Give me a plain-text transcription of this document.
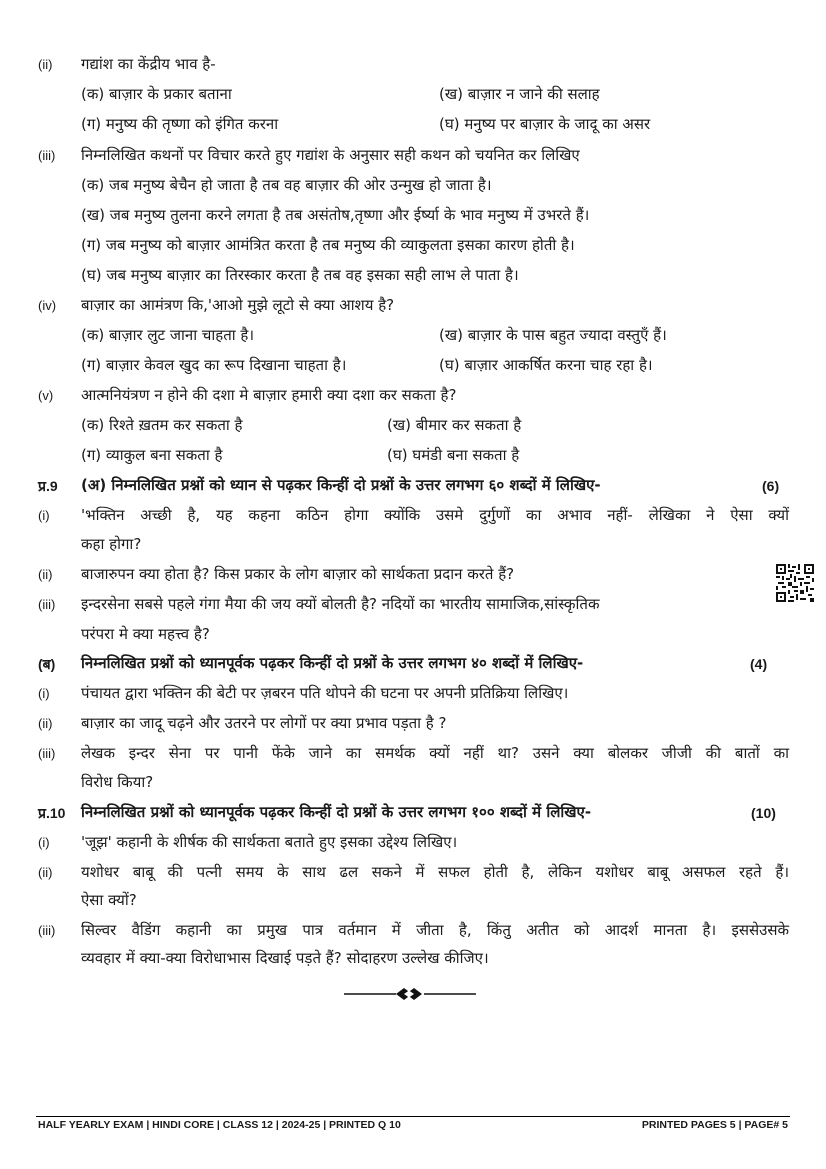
(ii) गद्यांश का केंद्रीय भाव है-
(क) बाज़ार के प्रकार बताना	(ख) बाज़ार न जाने की सलाह
(ग) मनुष्य की तृष्णा को इंगित करना	(घ) मनुष्य पर बाज़ार के जादू का असर
(iii) निम्नलिखित कथनों पर विचार करते हुए गद्यांश के अनुसार सही कथन को चयनित कर लिखिए
(क) जब मनुष्य बेचैन हो जाता है तब वह बाज़ार की ओर उन्मुख हो जाता है।
(ख) जब मनुष्य तुलना करने लगता है तब असंतोष,तृष्णा और ईर्ष्या के भाव मनुष्य में उभरते हैं।
(ग) जब मनुष्य को बाज़ार आमंत्रित करता है तब मनुष्य की व्याकुलता इसका कारण होती है।
(घ) जब मनुष्य बाज़ार का तिरस्कार करता है तब वह इसका सही लाभ ले पाता है।
(iv) बाज़ार का आमंत्रण कि,'आओ मुझे लूटो से क्या आशय है?
(क) बाज़ार लुट जाना चाहता है।	(ख) बाज़ार के पास बहुत ज्यादा वस्तुएँ हैं।
(ग) बाज़ार केवल खुद का रूप दिखाना चाहता है।	(घ) बाज़ार आकर्षित करना चाह रहा है।
(v) आत्मनियंत्रण न होने की दशा मे बाज़ार हमारी क्या दशा कर सकता है?
(क) रिश्ते ख़तम कर सकता है	(ख) बीमार कर सकता है
(ग) व्याकुल बना सकता है	(घ) घमंडी बना सकता है
प्र.9 (अ) निम्नलिखित प्रश्नों को ध्यान से पढ़कर किन्हीं दो प्रश्नों के उत्तर लगभग ६० शब्दों में लिखिए-	(6)
(i) 'भक्तिन अच्छी है, यह कहना कठिन होगा क्योंकि उसमे दुर्गुणों का अभाव नहीं- लेखिका ने ऐसा क्यों
कहा होगा?
(ii) बाजारुपन क्या होता है? किस प्रकार के लोग बाज़ार को सार्थकता प्रदान करते हैं?
(iii) इन्दरसेना सबसे पहले गंगा मैया की जय क्यों बोलती है? नदियों का भारतीय सामाजिक,सांस्कृतिक
परंपरा मे क्या महत्त्व है?
(ब) निम्नलिखित प्रश्नों को ध्यानपूर्वक पढ़कर किन्हीं दो प्रश्नों के उत्तर लगभग ४० शब्दों में लिखिए-	(4)
(i) पंचायत द्वारा भक्तिन की बेटी पर ज़बरन पति थोपने की घटना पर अपनी प्रतिक्रिया लिखिए।
(ii) बाज़ार का जादू चढ़ने और उतरने पर लोगों पर क्या प्रभाव पड़ता है ?
(iii) लेखक इन्दर सेना पर पानी फेंके जाने का समर्थक क्यों नहीं था? उसने क्या बोलकर जीजी की बातों का
विरोध किया?
प्र.10 निम्नलिखित प्रश्नों को ध्यानपूर्वक पढ़कर किन्हीं दो प्रश्नों के उत्तर लगभग १०० शब्दों में लिखिए-	(10)
(i) 'जूझ' कहानी के शीर्षक की सार्थकता बताते हुए इसका उद्देश्य लिखिए।
(ii) यशोधर बाबू की पत्नी समय के साथ ढल सकने में सफल होती है, लेकिन यशोधर बाबू असफल रहते हैं।
ऐसा क्यों?
(iii) सिल्वर वैडिंग कहानी का प्रमुख पात्र वर्तमान में जीता है, किंतु अतीत को आदर्श मानता है। इससेउसके
व्यवहार में क्या-क्या विरोधाभास दिखाई पड़ते हैं? सोदाहरण उल्लेख कीजिए।
HALF YEARLY EXAM | HINDI CORE | CLASS 12 | 2024-25 | PRINTED Q 10	PRINTED PAGES 5 | PAGE# 5
